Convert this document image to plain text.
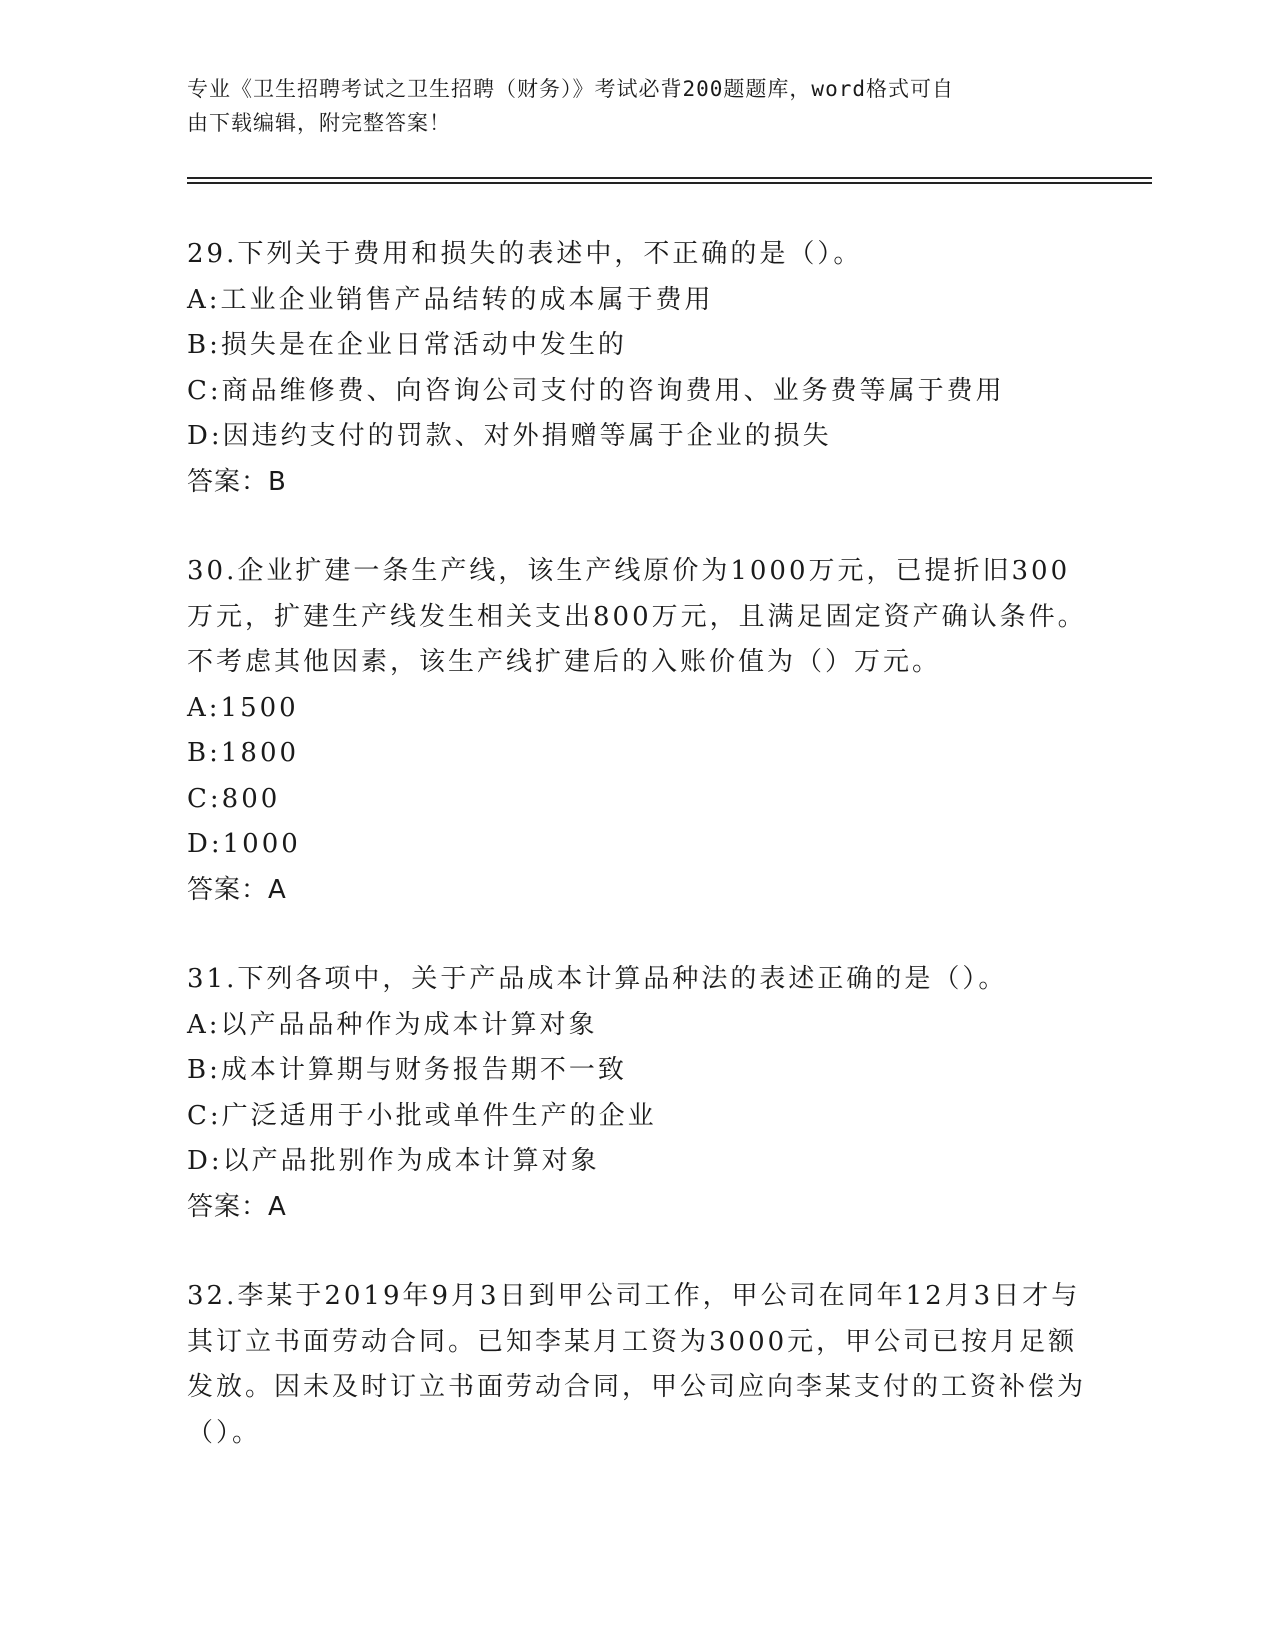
专业《卫生招聘考试之卫生招聘（财务）》考试必背200题题库，word格式可自
由下载编辑，附完整答案！

29.下列关于费用和损失的表述中，不正确的是（）。

A:工业企业销售产品结转的成本属于费用

B:损失是在企业日常活动中发生的

C:商品维修费、向咨询公司支付的咨询费用、业务费等属于费用

D:因违约支付的罚款、对外捐赠等属于企业的损失

答案：B

30.企业扩建一条生产线，该生产线原价为1000万元，已提折旧300万元，扩建生产线发生相关支出800万元，且满足固定资产确认条件。不考虑其他因素，该生产线扩建后的入账价值为（）万元。

A:1500

B:1800

C:800

D:1000

答案：A

31.下列各项中，关于产品成本计算品种法的表述正确的是（）。

A:以产品品种作为成本计算对象

B:成本计算期与财务报告期不一致

C:广泛适用于小批或单件生产的企业

D:以产品批别作为成本计算对象

答案：A

32.李某于2019年9月3日到甲公司工作，甲公司在同年12月3日才与其订立书面劳动合同。已知李某月工资为3000元，甲公司已按月足额发放。因未及时订立书面劳动合同，甲公司应向李某支付的工资补偿为（）。
